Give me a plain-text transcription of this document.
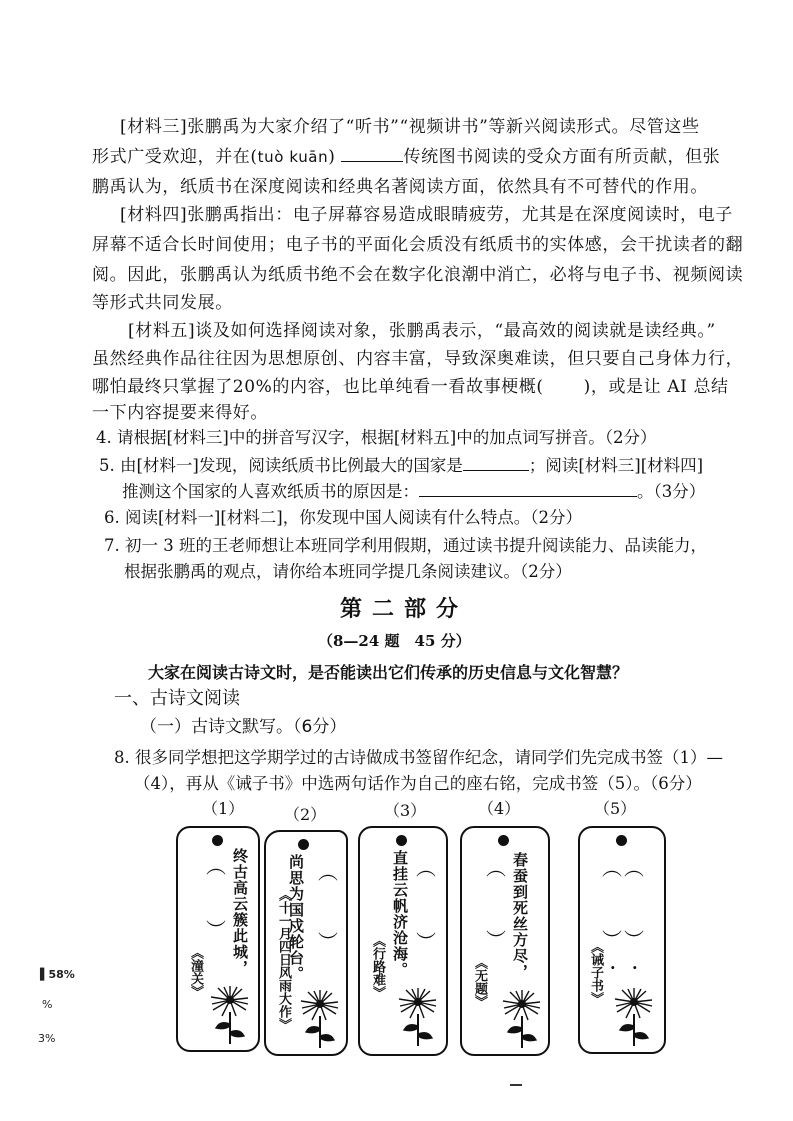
[材料三]张鹏禹为大家介绍了“听书”“视频讲书”等新兴阅读形式。尽管这些
形式广受欢迎，并在(tuò kuān)	传统图书阅读的受众方面有所贡献，但张
鹏禹认为，纸质书在深度阅读和经典名著阅读方面，依然具有不可替代的作用。
[材料四]张鹏禹指出：电子屏幕容易造成眼睛疲劳，尤其是在深度阅读时，电子
屏幕不适合长时间使用；电子书的平面化会质没有纸质书的实体感，会干扰读者的翻
阅。因此，张鹏禹认为纸质书绝不会在数字化浪潮中消亡，必将与电子书、视频阅读
等形式共同发展。
[材料五]谈及如何选择阅读对象，张鹏禹表示，“最高效的阅读就是读经典。”
虽然经典作品往往因为思想原创、内容丰富，导致深奥难读，但只要自己身体力行，
哪怕最终只掌握了20%的内容，也比单纯看一看故事梗概( )，或是让 AI 总结
一下内容提要来得好。
4. 请根据[材料三]中的拼音写汉字，根据[材料五]中的加点词写拼音。（2分）
5. 由[材料一]发现，阅读纸质书比例最大的国家是	；阅读[材料三][材料四]
推测这个国家的人喜欢纸质书的原因是：	。（3分）
6. 阅读[材料一][材料二]，你发现中国人阅读有什么特点。（2分）
7. 初一 3 班的王老师想让本班同学利用假期，通过读书提升阅读能力、品读能力，
根据张鹏禹的观点，请你给本班同学提几条阅读建议。（2分）
第二部分
（8—24 题　45 分）
大家在阅读古诗文时，是否能读出它们传承的历史信息与文化智慧？
一、古诗文阅读
（一）古诗文默写。（6分）
8. 很多同学想把这学期学过的古诗做成书签留作纪念，请同学们先完成书签（1）—
（4），再从《诫子书》中选两句话作为自己的座右铭，完成书签（5）。（6分）
（1） （2）	（3）	（4）	（5）
︵
︶ 终古高云簇此城，
《潼关》	尚思为国戍轮台。 ︵
︶
《十一月四日风雨大作》	直挂云帆济沧海。 ︵
︶
《行路难》
︵
︶ 春蚕到死丝方尽，
《无题》
︵ ︵
︶ ︶
. .
《诫子书》
▌58%
%
3%
